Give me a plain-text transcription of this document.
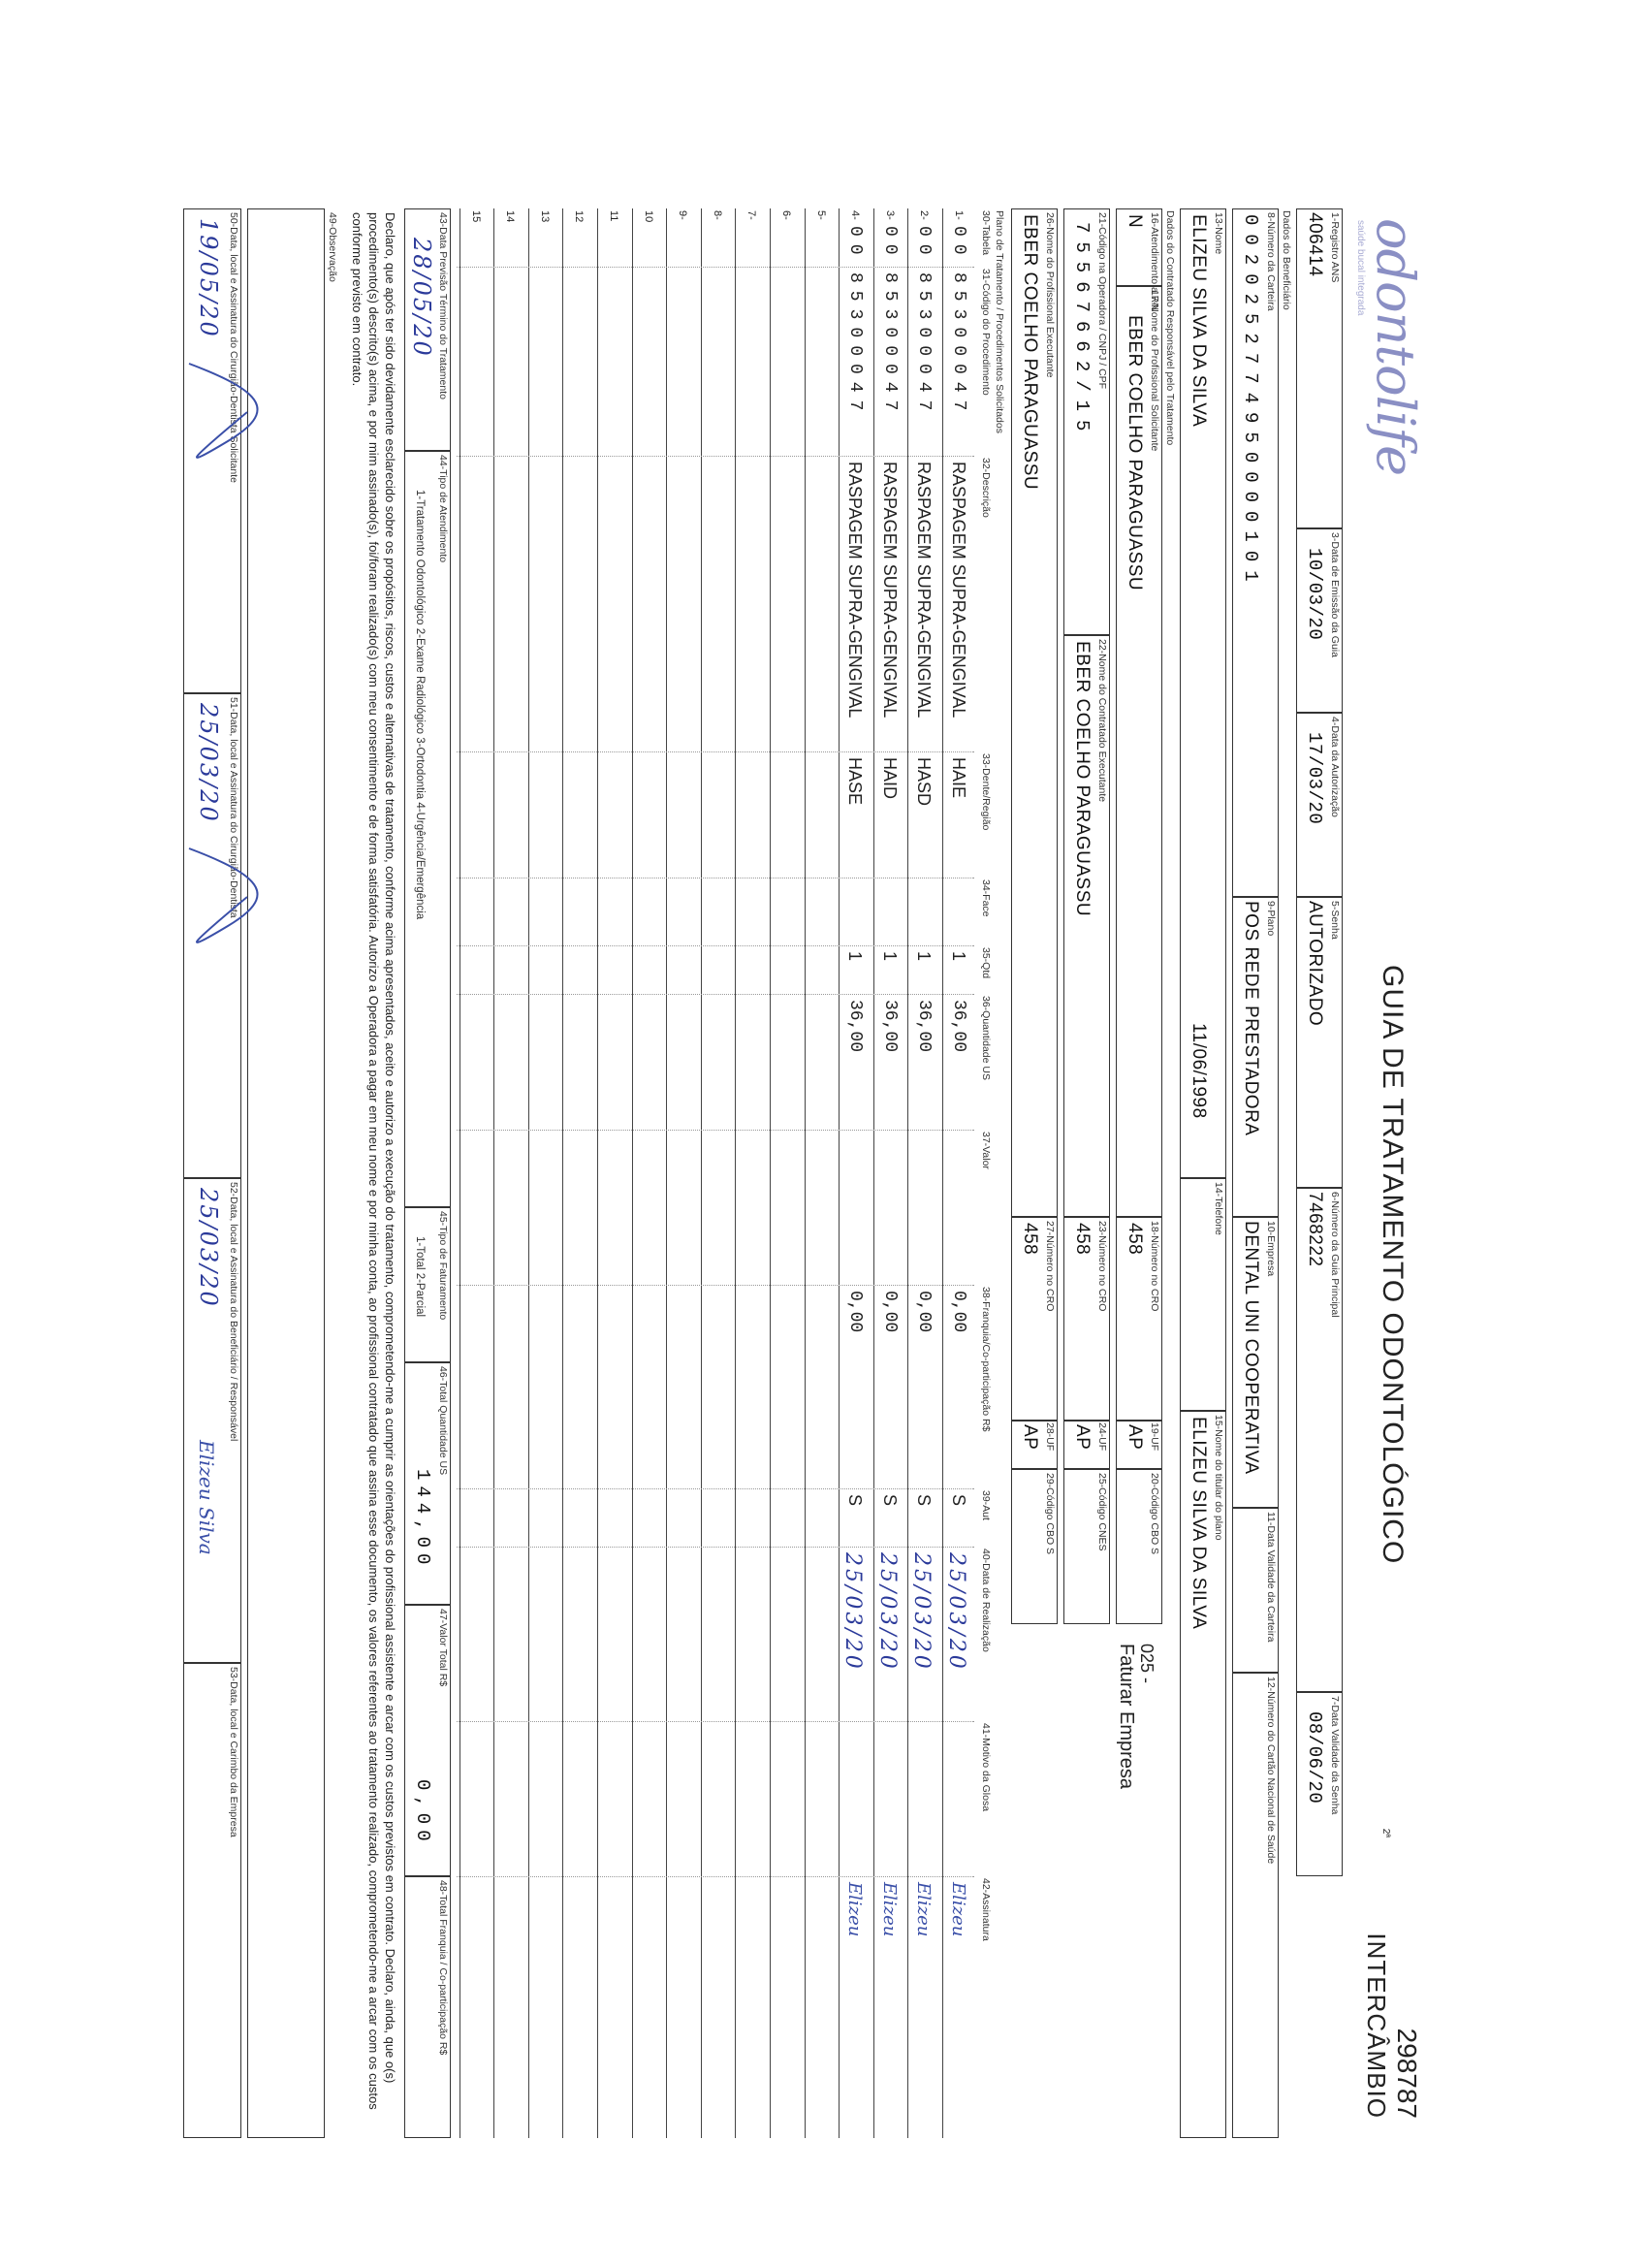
odontolife
saúde bucal integrada
GUIA DE TRATAMENTO ODONTOLÓGICO
2ª
298787
INTERCÂMBIO
1-Registro ANS
406414
3-Data de Emissão da Guia
10/03/20
4-Data da Autorização
17/03/20
5-Senha
AUTORIZADO
6-Número da Guia Principal
7468222
7-Data Validade da Senha
08/06/20
Dados do Beneficiário
8-Número da Carteira
0020252774950000101
9-Plano
POS REDE PRESTADORA
10-Empresa
DENTAL UNI COOPERATIVA
11-Data Validade da Carteira
12-Número do Cartão Nacional de Saúde
13-Nome
ELIZEU SILVA DA SILVA
11/06/1998
14-Telefone
15-Nome do titular do plano
ELIZEU SILVA DA SILVA
Dados do Contratado Responsável pelo Tratamento
16-Atendimento a RN
N
17-Nome do Profissional Solicitante
EBER COELHO PARAGUASSU
18-Número no CRO
458
19-UF
AP
20-Código CBO S
025 -
Faturar Empresa
21-Código na Operadora / CNPJ / CPF
75567662/15
22-Nome do Contratado Executante
EBER COELHO PARAGUASSU
23-Número no CRO
458
24-UF
AP
25-Código CNES
26-Nome do Profissional Executante
EBER COELHO PARAGUASSU
27-Número no CRO
458
28-UF
AP
29-Código CBO S
Plano de Tratamento / Procedimentos Solicitados
30-Tabela
31-Código do Procedimento
32-Descrição
33-Dente/Região
34-Face
35-Qtd
36-Quantidade US
37-Valor
38-Franquia/Co-participação R$
39-Aut
40-Data de Realização
41-Motivo da Glosa
42-Assinatura
1-
00
85300047
RASPAGEM SUPRA-GENGIVAL
HAIE
1
36,00
0,00
S
25/03/20
Elizeu
2-
00
85300047
RASPAGEM SUPRA-GENGIVAL
HASD
1
36,00
0,00
S
25/03/20
Elizeu
3-
00
85300047
RASPAGEM SUPRA-GENGIVAL
HAID
1
36,00
0,00
S
25/03/20
Elizeu
4-
00
85300047
RASPAGEM SUPRA-GENGIVAL
HASE
1
36,00
0,00
S
25/03/20
Elizeu
5-
6-
7-
8-
9-
10
11
12
13
14
15
43-Data Previsão Término do Tratamento
28/05/20
44-Tipo de Atendimento
1-Tratamento Odontológico 2-Exame Radiológico 3-Ortodontia 4-Urgência/Emergência
45-Tipo de Faturamento
1-Total 2-Parcial
46-Total Quantidade US
144,00
47-Valor Total R$
0,00
48-Total Franquia / Co-participação R$
Declaro, que após ter sido devidamente esclarecido sobre os propósitos, riscos, custos e alternativas de tratamento, conforme acima apresentados, aceito e autorizo a execução do tratamento, comprometendo-me a cumprir as orientações do profissional assistente e arcar com os custos previstos em contrato. Declaro, ainda, que o(s) procedimento(s) descrito(s) acima, e por mim assinado(s), foi/foram realizado(s) com meu consentimento e de forma satisfatória. Autorizo a Operadora a pagar em meu nome e por minha conta, ao profissional contratado que assina esse documento, os valores referentes ao tratamento realizado, comprometendo-me a arcar com os custos conforme previsto em contrato.
49-Observação
50-Data, local e Assinatura do Cirurgião-Dentista Solicitante
19/05/20
51-Data, local e Assinatura do Cirurgião-Dentista
25/03/20
52-Data, local e Assinatura do Beneficiário / Responsável
25/03/20
Elizeu Silva
53-Data, local e Carimbo da Empresa
